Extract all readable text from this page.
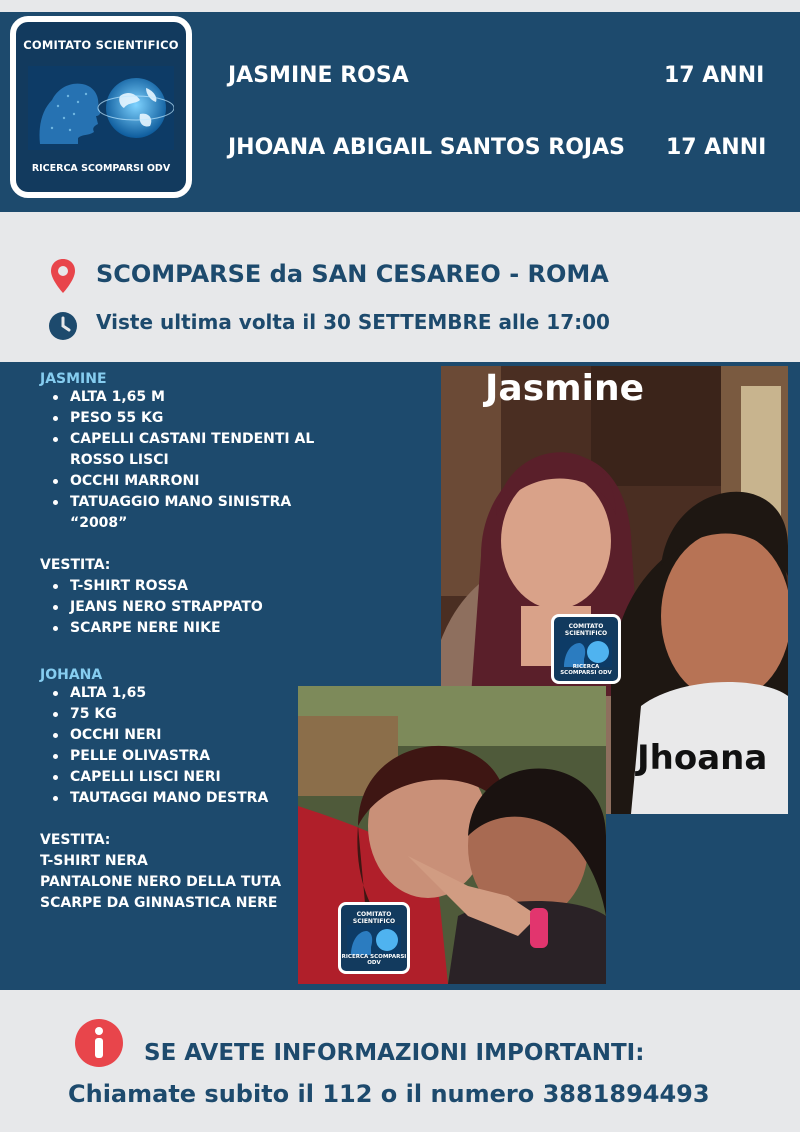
COMITATO SCIENTIFICO
RICERCA SCOMPARSI ODV
JASMINE ROSA	17 ANNI
JHOANA ABIGAIL SANTOS ROJAS 17 ANNI
SCOMPARSE da SAN CESAREO - ROMA
Viste ultima volta il 30 SETTEMBRE alle 17:00
JASMINE
ALTA 1,65 M
PESO 55 KG
CAPELLI CASTANI TENDENTI AL ROSSO LISCI
OCCHI MARRONI
TATUAGGIO MANO SINISTRA “2008”
VESTITA:
T-SHIRT ROSSA
JEANS NERO STRAPPATO
SCARPE NERE NIKE
JOHANA
ALTA 1,65
75 KG
OCCHI NERI
PELLE OLIVASTRA
CAPELLI LISCI NERI
TAUTAGGI MANO DESTRA
VESTITA:
T-SHIRT NERA
PANTALONE NERO DELLA TUTA
SCARPE DA GINNASTICA NERE
Jasmine
Jhoana
COMITATO SCIENTIFICO
RICERCA SCOMPARSI ODV
COMITATO SCIENTIFICO
RICERCA SCOMPARSI ODV
SE AVETE INFORMAZIONI IMPORTANTI:
Chiamate subito il 112 o il numero 3881894493
